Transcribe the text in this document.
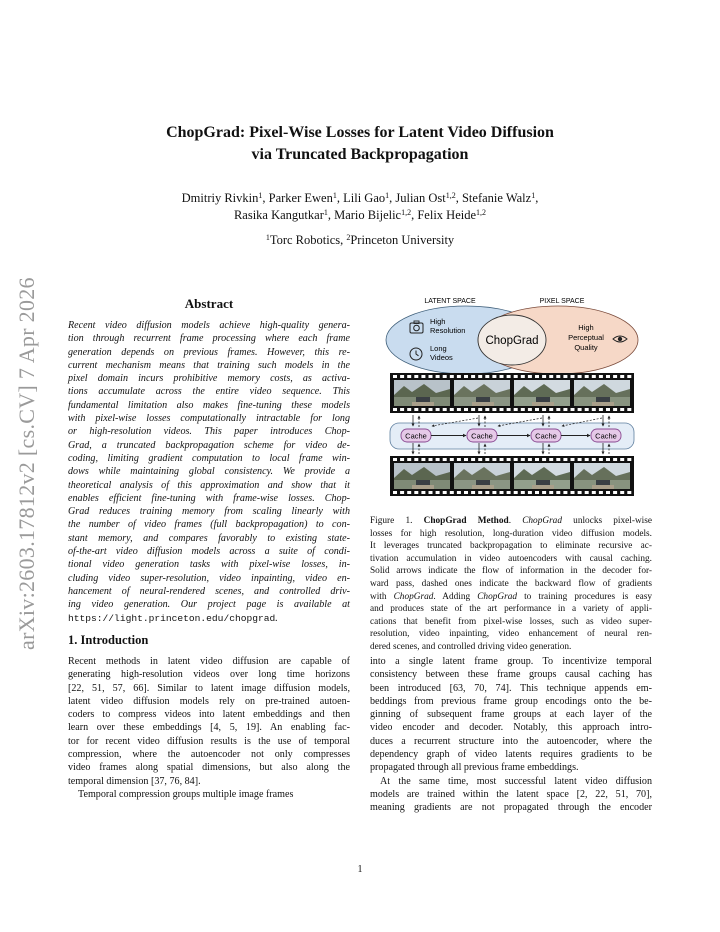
arXiv:2603.17812v2 [cs.CV] 7 Apr 2026
ChopGrad: Pixel-Wise Losses for Latent Video Diffusion
via Truncated Backpropagation
Dmitriy Rivkin$^1$, Parker Ewen$^1$, Lili Gao$^1$, Julian Ost$^{1,2}$, Stefanie Walz$^1$,
Rasika Kangutkar$^1$, Mario Bijelic$^{1,2}$, Felix Heide$^{1,2}$
$^1$Torc Robotics, $^2$Princeton University
Abstract
Recent video diffusion models achieve high-quality genera-
tion through recurrent frame processing where each frame
generation depends on previous frames. However, this re-
current mechanism means that training such models in the
pixel domain incurs prohibitive memory costs, as activa-
tions accumulate across the entire video sequence. This
fundamental limitation also makes fine-tuning these models
with pixel-wise losses computationally intractable for long
or high-resolution videos. This paper introduces Chop-
Grad, a truncated backpropagation scheme for video de-
coding, limiting gradient computation to local frame win-
dows while maintaining global consistency. We provide a
theoretical analysis of this approximation and show that it
enables efficient fine-tuning with frame-wise losses. Chop-
Grad reduces training memory from scaling linearly with
the number of video frames (full backpropagation) to con-
stant memory, and compares favorably to existing state-
of-the-art video diffusion models across a suite of condi-
tional video generation tasks with pixel-wise losses, in-
cluding video super-resolution, video inpainting, video en-
hancement of neural-rendered scenes, and controlled driv-
ing video generation. Our project page is available at
https://light.princeton.edu/chopgrad.
LATENT SPACE	PIXEL SPACE
ChopGrad
High
Resolution
Long
Videos
High
Perceptual
Quality
Cache	Cache	Cache	Cache
Figure 1. ChopGrad Method. ChopGrad unlocks pixel-wise
losses for high resolution, long-duration video diffusion models.
It leverages truncated backpropagation to eliminate recursive ac-
tivation accumulation in video autoencoders with causal caching.
Solid arrows indicate the flow of information in the decoder for-
ward pass, dashed ones indicate the backward flow of gradients
with ChopGrad. Adding ChopGrad to training procedures is easy
and produces state of the art performance in a variety of appli-
cations that benefit from pixel-wise losses, such as video super-
resolution, video inpainting, video enhancement of neural ren-
dered scenes, and controlled driving video generation.
1. Introduction
Recent methods in latent video diffusion are capable of
generating high-resolution videos over long time horizons
[22, 51, 57, 66]. Similar to latent image diffusion models,
latent video diffusion models rely on pre-trained autoen-
coders to compress videos into latent embeddings and then
learn over these embeddings [4, 5, 19]. An enabling fac-
tor for recent video diffusion results is the use of temporal
compression, where the autoencoder not only compresses
video frames along spatial dimensions, but also along the
temporal dimension [37, 76, 84].
Temporal compression groups multiple image frames
into a single latent frame group. To incentivize temporal
consistency between these frame groups causal caching has
been introduced [63, 70, 74]. This technique appends em-
beddings from previous frame group encodings onto the be-
ginning of subsequent frame groups at each layer of the
video encoder and decoder. Notably, this approach intro-
duces a recurrent structure into the autoencoder, where the
dependency graph of video latents requires gradients to be
propagated through all previous frame embeddings.
At the same time, most successful latent video diffusion
models are trained within the latent space [2, 22, 51, 70],
meaning gradients are not propagated through the encoder
1
